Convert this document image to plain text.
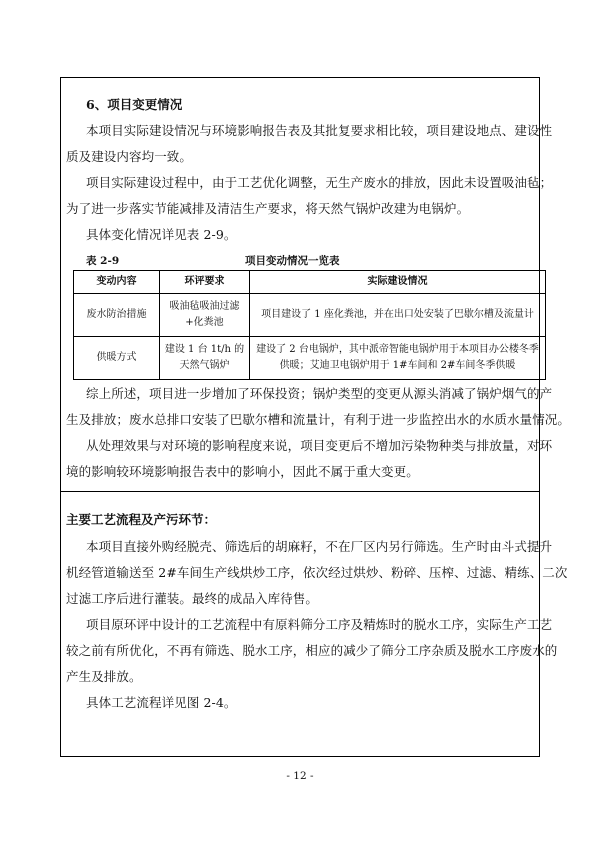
6、项目变更情况
本项目实际建设情况与环境影响报告表及其批复要求相比较，项目建设地点、建设性
质及建设内容均一致。
项目实际建设过程中，由于工艺优化调整，无生产废水的排放，因此未设置吸油毡；
为了进一步落实节能减排及清洁生产要求，将天然气锅炉改建为电锅炉。
具体变化情况详见表 2-9。
表 2-9	项目变动情况一览表
变动内容	环评要求	实际建设情况
废水防治措施	吸油毡吸油过滤+化粪池	项目建设了 1 座化粪池，并在出口处安装了巴歇尔槽及流量计
供暖方式	建设 1 台 1t/h 的天然气锅炉	建设了 2 台电锅炉，其中派帝智能电锅炉用于本项目办公楼冬季供暖；艾迪卫电锅炉用于 1#车间和 2#车间冬季供暖
综上所述，项目进一步增加了环保投资；锅炉类型的变更从源头消减了锅炉烟气的产
生及排放；废水总排口安装了巴歇尔槽和流量计，有利于进一步监控出水的水质水量情况。
从处理效果与对环境的影响程度来说，项目变更后不增加污染物种类与排放量，对环
境的影响较环境影响报告表中的影响小，因此不属于重大变更。
主要工艺流程及产污环节：
本项目直接外购经脱壳、筛选后的胡麻籽，不在厂区内另行筛选。生产时由斗式提升
机经管道输送至 2#车间生产线烘炒工序，依次经过烘炒、粉碎、压榨、过滤、精练、二次
过滤工序后进行灌装。最终的成品入库待售。
项目原环评中设计的工艺流程中有原料筛分工序及精炼时的脱水工序，实际生产工艺
较之前有所优化，不再有筛选、脱水工序，相应的减少了筛分工序杂质及脱水工序废水的
产生及排放。
具体工艺流程详见图 2-4。
- 12 -
